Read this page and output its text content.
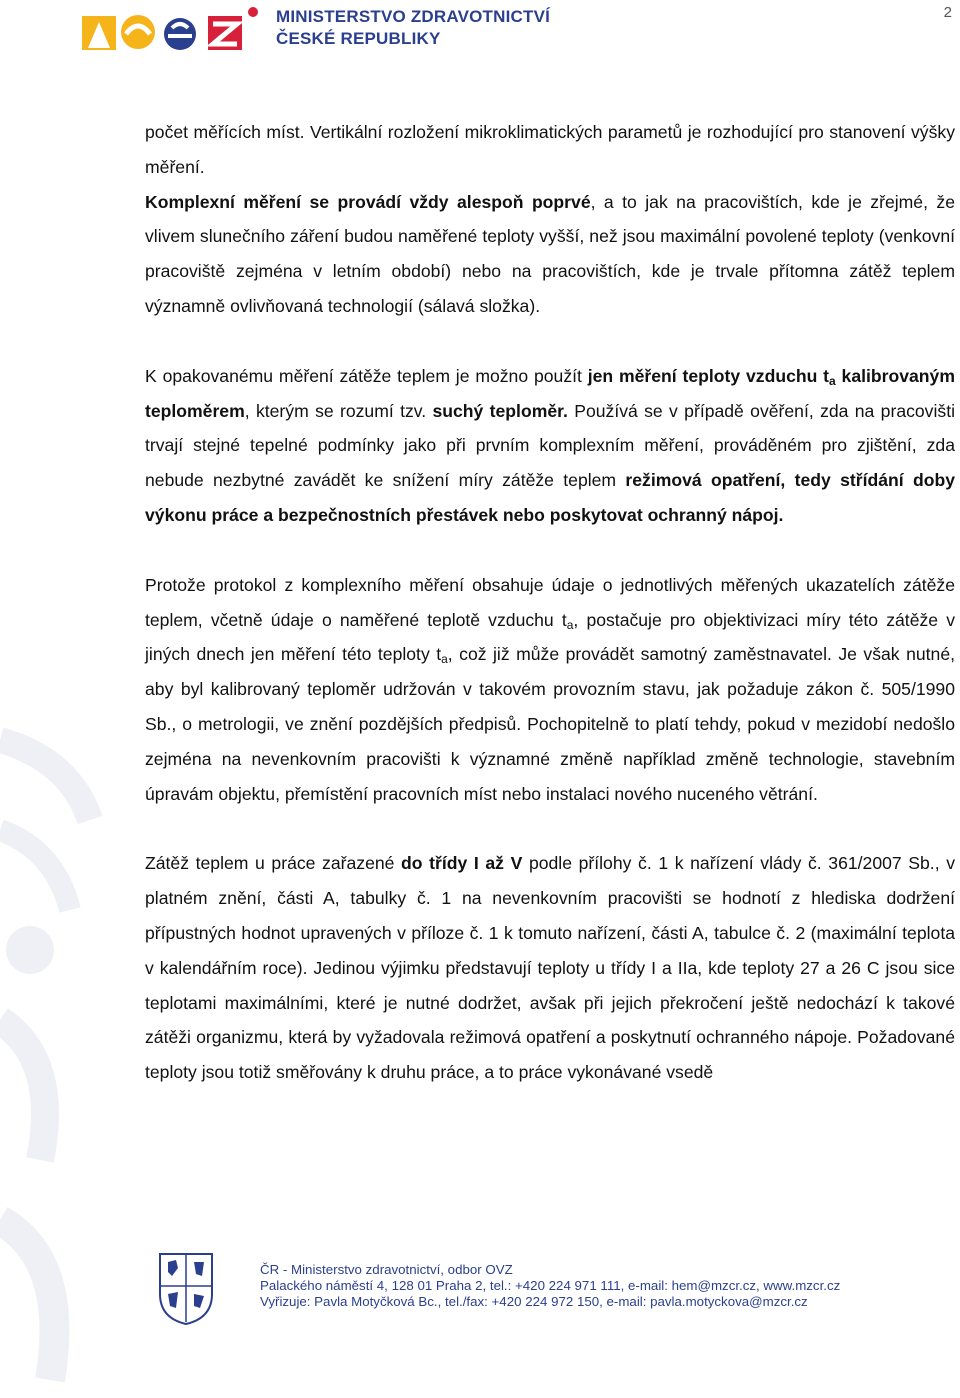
MINISTERSTVO ZDRAVOTNICTVÍ
ČESKÉ REPUBLIKY
2

počet měřících míst. Vertikální rozložení mikroklimatických parametů je rozhodující pro stanovení výšky měření.

Komplexní měření se provádí vždy alespoň poprvé, a to jak na pracovištích, kde je zřejmé, že vlivem slunečního záření budou naměřené teploty vyšší, než jsou maximální povolené teploty (venkovní pracoviště zejména v letním období) nebo na pracovištích, kde je trvale přítomna zátěž teplem významně ovlivňovaná technologií (sálavá složka).

K opakovanému měření zátěže teplem je možno použít jen měření teploty vzduchu $t_a$ kalibrovaným teploměrem, kterým se rozumí tzv. suchý teploměr. Používá se v případě ověření, zda na pracovišti trvají stejné tepelné podmínky jako při prvním komplexním měření, prováděném pro zjištění, zda nebude nezbytné zavádět ke snížení míry zátěže teplem režimová opatření, tedy střídání doby výkonu práce a bezpečnostních přestávek nebo poskytovat ochranný nápoj.

Protože protokol z komplexního měření obsahuje údaje o jednotlivých měřených ukazatelích zátěže teplem, včetně údaje o naměřené teplotě vzduchu $t_a$, postačuje pro objektivizaci míry této zátěže v jiných dnech jen měření této teploty $t_a$, což již může provádět samotný zaměstnavatel. Je však nutné, aby byl kalibrovaný teploměr udržován v takovém provozním stavu, jak požaduje zákon č. 505/1990 Sb., o metrologii, ve znění pozdějších předpisů. Pochopitelně to platí tehdy, pokud v mezidobí nedošlo zejména na nevenkovním pracovišti k významné změně například změně technologie, stavebním úpravám objektu, přemístění pracovních míst nebo instalaci nového nuceného větrání.

Zátěž teplem u práce zařazené do třídy I až V podle přílohy č. 1 k nařízení vlády č. 361/2007 Sb., v platném znění, části A, tabulky č. 1 na nevenkovním pracovišti se hodnotí z hlediska dodržení přípustných hodnot upravených v příloze č. 1 k tomuto nařízení, části A, tabulce č. 2 (maximální teplota v kalendářním roce). Jedinou výjimku představují teploty u třídy I a IIa, kde teploty 27 a 26 C jsou sice teplotami maximálními, které je nutné dodržet, avšak při jejich překročení ještě nedochází k takové zátěži organizmu, která by vyžadovala režimová opatření a poskytnutí ochranného nápoje. Požadované teploty jsou totiž směřovány k druhu práce, a to práce vykonávané vsedě

ČR - Ministerstvo zdravotnictví, odbor OVZ
Palackého náměstí 4, 128 01 Praha 2, tel.: +420 224 971 111, e-mail: hem@mzcr.cz, www.mzcr.cz
Vyřizuje: Pavla Motyčková Bc., tel./fax: +420 224 972 150, e-mail: pavla.motyckova@mzcr.cz
